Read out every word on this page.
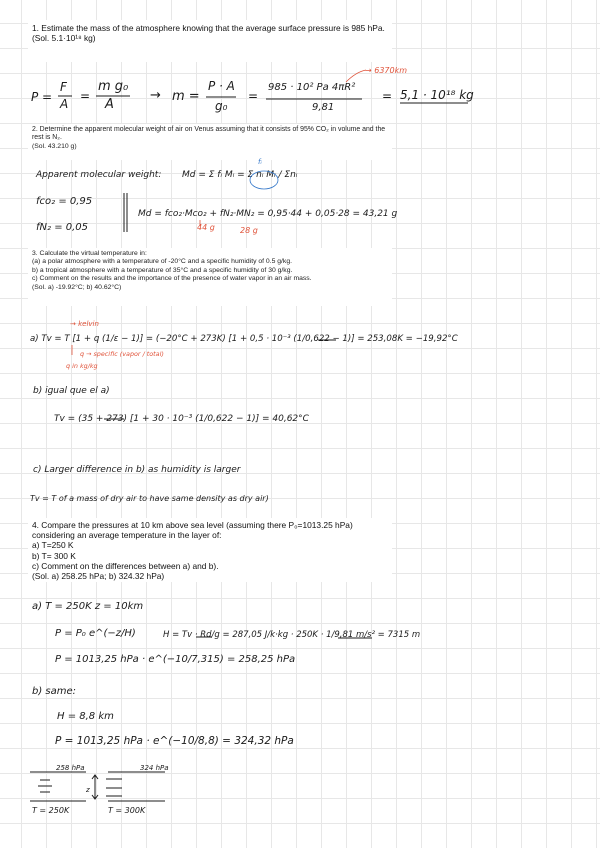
1. Estimate the mass of the atmosphere knowing that the average surface pressure is 985 hPa.

(Sol. 5.1·10¹⁸ kg)

P =
F
A
=
m g₀
A
→ m =
P · A
g₀
=
985 · 10² Pa 4πR²
9,81
= 5,1 · 10¹⁸ kg
→ 6370km

2. Determine the apparent molecular weight of air on Venus assuming that it consists of 95% CO₂ in volume and the rest is N₂.

(Sol. 43.210 g)

Apparent molecular weight: Md = Σ fᵢ Mᵢ = Σ nᵢ Mᵢ / Σnᵢ
fᵢ
fco₂ = 0,95
fN₂ = 0,05
Md = fco₂·Mco₂ + fN₂·MN₂ = 0,95·44 + 0,05·28 = 43,21 g
44 g	28 g

3. Calculate the virtual temperature in:

(a) a polar atmosphere with a temperature of -20°C and a specific humidity of 0.5 g/kg.

b) a tropical atmosphere with a temperature of 35°C and a specific humidity of 30 g/kg.

c) Comment on the results and the importance of the presence of water vapor in an air mass.

(Sol. a) -19.92°C; b) 40.62°C)

→ kelvin
a) Tv = T [1 + q (1/ε − 1)] = (−20°C + 273K) [1 + 0,5 · 10⁻³ (1/0,622 − 1)] = 253,08K = −19,92°C
q → specific (vapor / total)
q in kg/kg
b) igual que el a)
Tv = (35 + 273) [1 + 30 · 10⁻³ (1/0,622 − 1)] = 40,62°C
c) Larger difference in b) as humidity is larger
Tv = T of a mass of dry air to have same density as dry air)

4. Compare the pressures at 10 km above sea level (assuming there P₀=1013.25 hPa) considering an average temperature in the layer of:

a) T=250 K

b) T= 300 K

c) Comment on the differences between a) and b).

(Sol. a) 258.25 hPa; b) 324.32 hPa)

a) T = 250K z = 10km
P = P₀ e^(−z/H)	H = Tv · Rd/g = 287,05 J/k·kg · 250K · 1/9,81 m/s² = 7315 m
P = 1013,25 hPa · e^(−10/7,315) = 258,25 hPa
b) same:
H = 8,8 km
P = 1013,25 hPa · e^(−10/8,8) = 324,32 hPa
258 hPa	324 hPa
z
T = 250K	T = 300K
